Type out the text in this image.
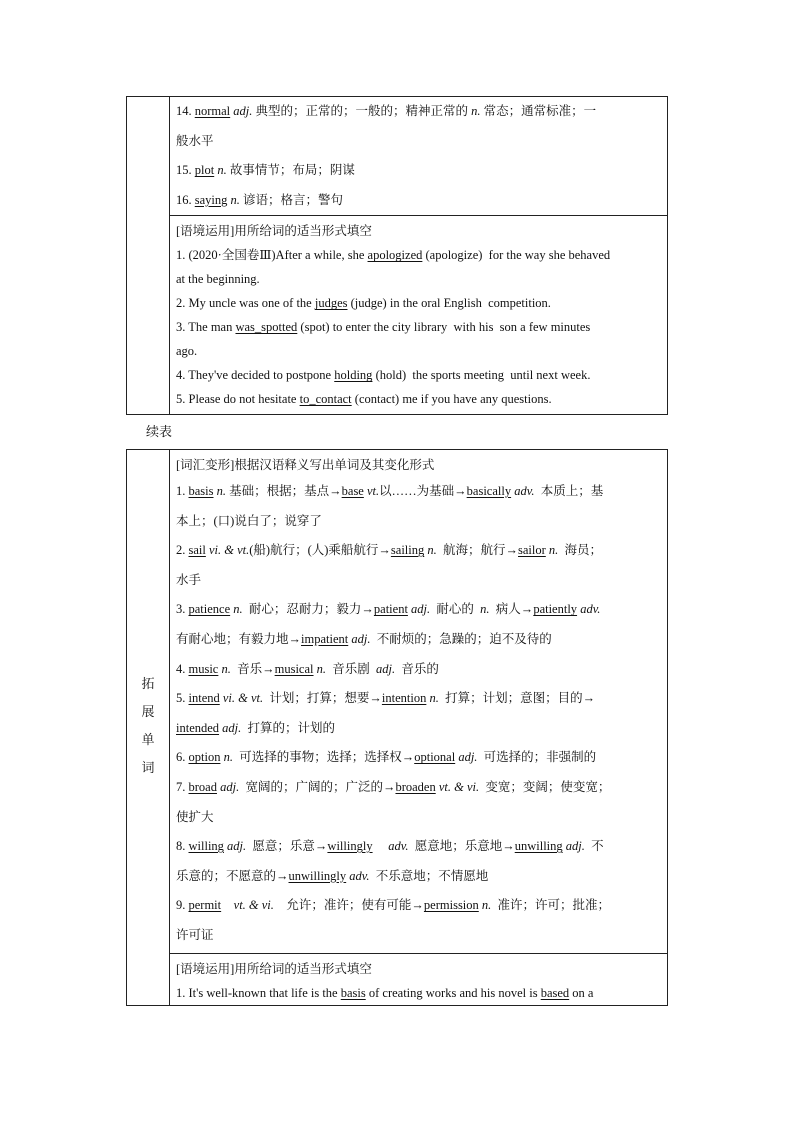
14. normal adj. 典型的；正常的；一般的；精神正常的 n. 常态；通常标准；一
般水平
15. plot n. 故事情节；布局；阴谋
16. saying n. 谚语；格言；警句

[语境运用]用所给词的适当形式填空
1. (2020·全国卷Ⅲ)After a while, she apologized (apologize)  for the way she behaved
at the beginning.
2. My uncle was one of the judges (judge) in the oral English  competition.
3. The man was_spotted (spot) to enter the city library  with his  son a few minutes
ago.
4. They've decided to postpone holding (hold)  the sports meeting  until next week.
5. Please do not hesitate to_contact (contact) me if you have any questions.
续表
拓
展
单
词

[词汇变形]根据汉语释义写出单词及其变化形式
1. basis n. 基础；根据；基点→base vt.以……为基础→basically adv.  本质上；基
本上；(口)说白了；说穿了
2. sail vi. & vt.(船)航行；(人)乘船航行→sailing n.  航海；航行→sailor n.  海员；
水手
3. patience n.  耐心；忍耐力；毅力→patient adj.  耐心的  n.  病人→patiently adv.
有耐心地；有毅力地→impatient adj.  不耐烦的；急躁的；迫不及待的
4. music n.  音乐→musical n.  音乐剧  adj.  音乐的
5. intend vi. & vt.  计划；打算；想要→intention n.  打算；计划；意图；目的→
intended adj.  打算的；计划的
6. option n.  可选择的事物；选择；选择权→optional adj.  可选择的；非强制的
7. broad adj.  宽阔的；广阔的；广泛的→broaden vt. & vi.  变宽；变阔；使变宽；
使扩大
8. willing adj.  愿意；乐意→willingly     adv.  愿意地；乐意地→unwilling adj.  不
乐意的；不愿意的→unwillingly adv.  不乐意地；不情愿地
9. permit    vt. & vi.    允许；准许；使有可能→permission n.  准许；许可；批准；
许可证

[语境运用]用所给词的适当形式填空
1. It's well-known that life is the basis of creating works and his novel is based on a
